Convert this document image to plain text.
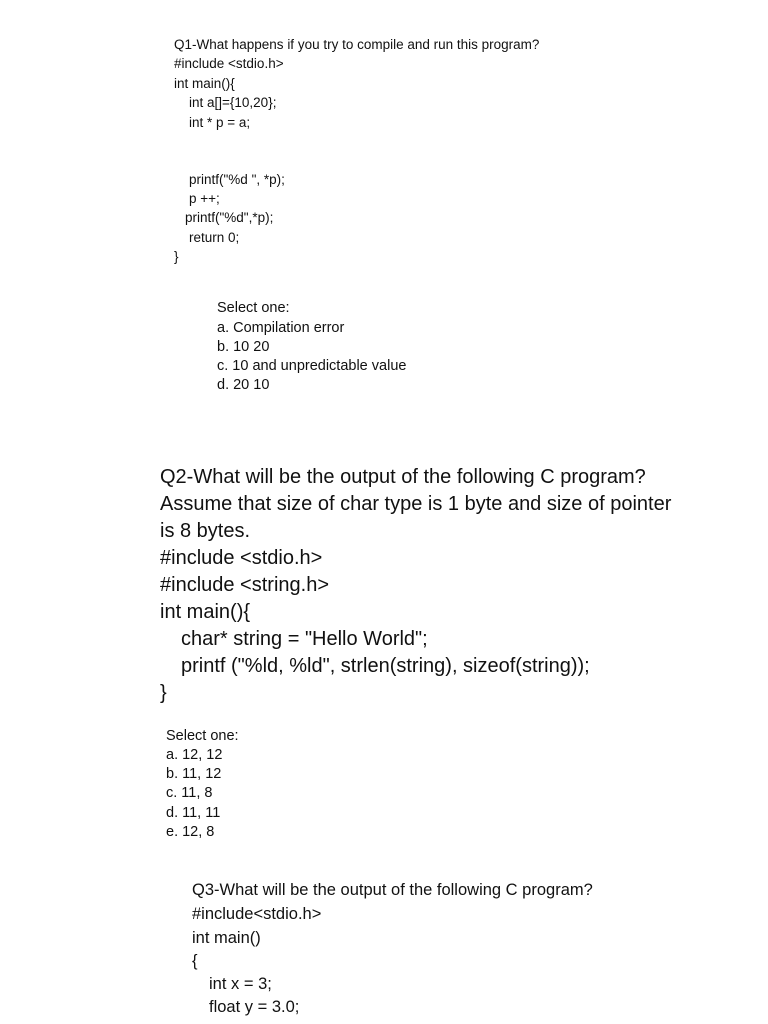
Q1-What happens if you try to compile and run this program?
#include <stdio.h>
int main(){
int a[]={10,20};
int * p = a;
printf("%d ", *p);
p ++;
printf("%d",*p);
return 0;
}
Select one:
a. Compilation error
b. 10 20
c. 10 and unpredictable value
d. 20 10
Q2-What will be the output of the following C program?
Assume that size of char type is 1 byte and size of pointer
is 8 bytes.
#include <stdio.h>
#include <string.h>
int main(){
char* string = "Hello World";
printf ("%ld, %ld", strlen(string), sizeof(string));
}
Select one:
a. 12, 12
b. 11, 12
c. 11, 8
d. 11, 11
e. 12, 8
Q3-What will be the output of the following C program?
#include<stdio.h>
int main()
{
int x = 3;
float y = 3.0;
